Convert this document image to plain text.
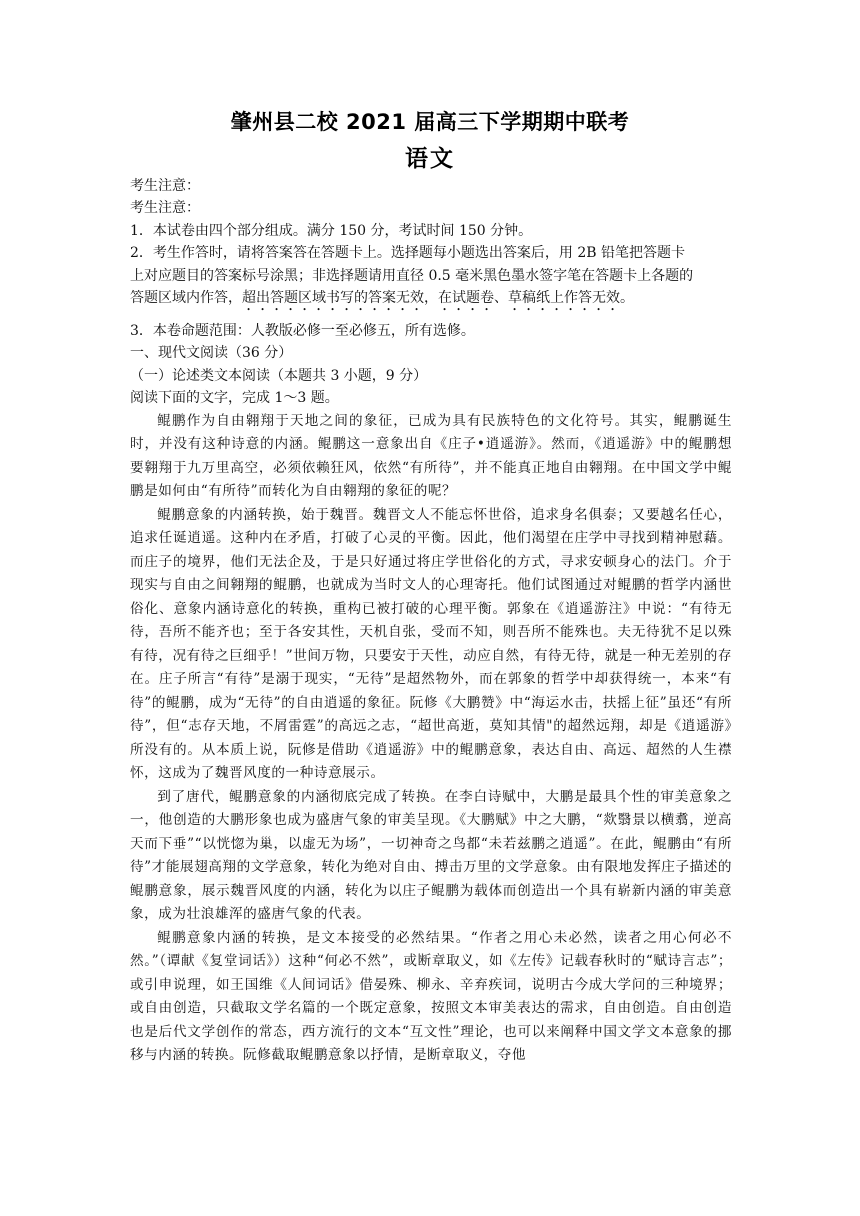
肇州县二校 2021 届高三下学期期中联考
语文

考生注意：

考生注意：

1．本试卷由四个部分组成。满分 150 分，考试时间 150 分钟。

2．考生作答时，请将答案答在答题卡上。选择题每小题选出答案后，用 2B 铅笔把答题卡

上对应题目的答案标号涂黑；非选择题请用直径 0.5 毫米黑色墨水签字笔在答题卡上各题的

答题区域内作答，超出答题区域书写的答案无效，在试题卷、草稿纸上作答无效。

3．本卷命题范围：人教版必修一至必修五，所有选修。

一、现代文阅读（36 分）

（一）论述类文本阅读（本题共 3 小题，9 分）

阅读下面的文字，完成 1～3 题。

鲲鹏作为自由翱翔于天地之间的象征，已成为具有民族特色的文化符号。其实，鲲鹏诞生时，并没有这种诗意的内涵。鲲鹏这一意象出自《庄子•逍遥游》。然而，《逍遥游》中的鲲鹏想要翱翔于九万里高空，必须依赖狂风，依然“有所待”，并不能真正地自由翱翔。在中国文学中鲲鹏是如何由“有所待”而转化为自由翱翔的象征的呢？

鲲鹏意象的内涵转换，始于魏晋。魏晋文人不能忘怀世俗，追求身名俱泰；又要越名任心，追求任诞逍遥。这种内在矛盾，打破了心灵的平衡。因此，他们渴望在庄学中寻找到精神慰藉。而庄子的境界，他们无法企及，于是只好通过将庄学世俗化的方式，寻求安顿身心的法门。介于现实与自由之间翱翔的鲲鹏，也就成为当时文人的心理寄托。他们试图通过对鲲鹏的哲学内涵世俗化、意象内涵诗意化的转换，重构已被打破的心理平衡。郭象在《逍遥游注》中说：“有待无待，吾所不能齐也；至于各安其性，天机自张，受而不知，则吾所不能殊也。夫无待犹不足以殊有待，况有待之巨细乎！”世间万物，只要安于天性，动应自然，有待无待，就是一种无差别的存在。庄子所言“有待”是溺于现实，“无待”是超然物外，而在郭象的哲学中却获得统一，本来“有待”的鲲鹏，成为“无待”的自由逍遥的象征。阮修《大鹏赞》中“海运水击，扶摇上征”虽还“有所待”，但“志存天地，不屑雷霆”的高远之志，“超世高逝，莫知其情"的超然远翔，却是《逍遥游》所没有的。从本质上说，阮修是借助《逍遥游》中的鲲鹏意象，表达自由、高远、超然的人生襟怀，这成为了魏晋风度的一种诗意展示。

到了唐代，鲲鹏意象的内涵彻底完成了转换。在李白诗赋中，大鹏是最具个性的审美意象之一，他创造的大鹏形象也成为盛唐气象的审美呈现。《大鹏赋》中之大鹏，“欻翳景以横翥，逆高天而下垂”“以恍惚为巢，以虚无为场”，一切神奇之鸟都“未若兹鹏之逍遥”。在此，鲲鹏由“有所待”才能展翅高翔的文学意象，转化为绝对自由、搏击万里的文学意象。由有限地发挥庄子描述的鲲鹏意象，展示魏晋风度的内涵，转化为以庄子鲲鹏为载体而创造出一个具有崭新内涵的审美意象，成为壮浪雄浑的盛唐气象的代表。

鲲鹏意象内涵的转换，是文本接受的必然结果。“作者之用心未必然，读者之用心何必不然。”（谭献《复堂词话》）这种“何必不然”，或断章取义，如《左传》记载春秋时的“赋诗言志”；或引申说理，如王国维《人间词话》借晏殊、柳永、辛弃疾词，说明古今成大学问的三种境界；或自由创造，只截取文学名篇的一个既定意象，按照文本审美表达的需求，自由创造。自由创造也是后代文学创作的常态，西方流行的文本“互文性”理论，也可以来阐释中国文学文本意象的挪移与内涵的转换。阮修截取鲲鹏意象以抒情，是断章取义，夺他
